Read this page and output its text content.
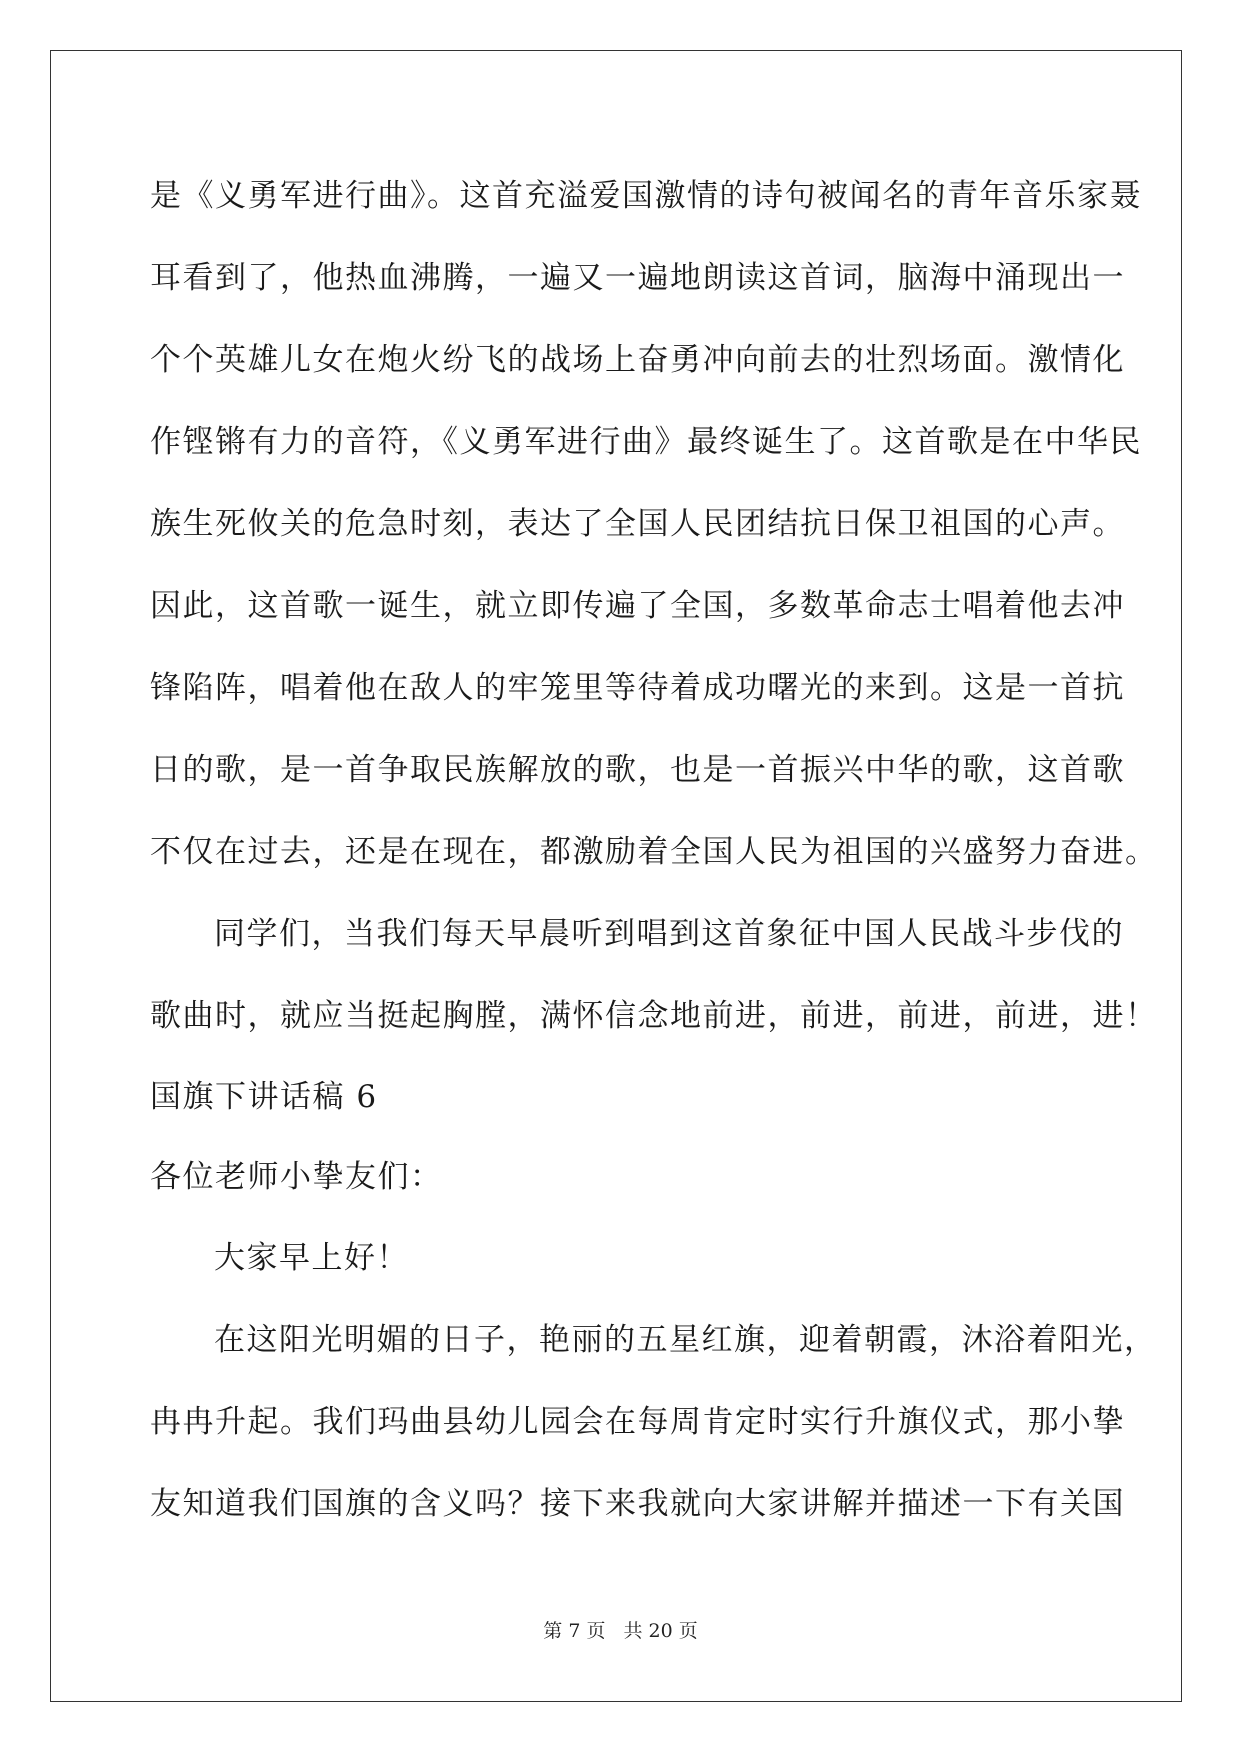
是《义勇军进行曲》。这首充溢爱国激情的诗句被闻名的青年音乐家聂
耳看到了，他热血沸腾，一遍又一遍地朗读这首词，脑海中涌现出一
个个英雄儿女在炮火纷飞的战场上奋勇冲向前去的壮烈场面。激情化
作铿锵有力的音符，《义勇军进行曲》最终诞生了。这首歌是在中华民
族生死攸关的危急时刻，表达了全国人民团结抗日保卫祖国的心声。
因此，这首歌一诞生，就立即传遍了全国，多数革命志士唱着他去冲
锋陷阵，唱着他在敌人的牢笼里等待着成功曙光的来到。这是一首抗
日的歌，是一首争取民族解放的歌，也是一首振兴中华的歌，这首歌
不仅在过去，还是在现在，都激励着全国人民为祖国的兴盛努力奋进。
同学们，当我们每天早晨听到唱到这首象征中国人民战斗步伐的
歌曲时，就应当挺起胸膛，满怀信念地前进，前进，前进，前进，进！
国旗下讲话稿 6
各位老师小挚友们：
大家早上好！
在这阳光明媚的日子，艳丽的五星红旗，迎着朝霞，沐浴着阳光，
冉冉升起。我们玛曲县幼儿园会在每周肯定时实行升旗仪式，那小挚
友知道我们国旗的含义吗？接下来我就向大家讲解并描述一下有关国
第 7 页 共 20 页
